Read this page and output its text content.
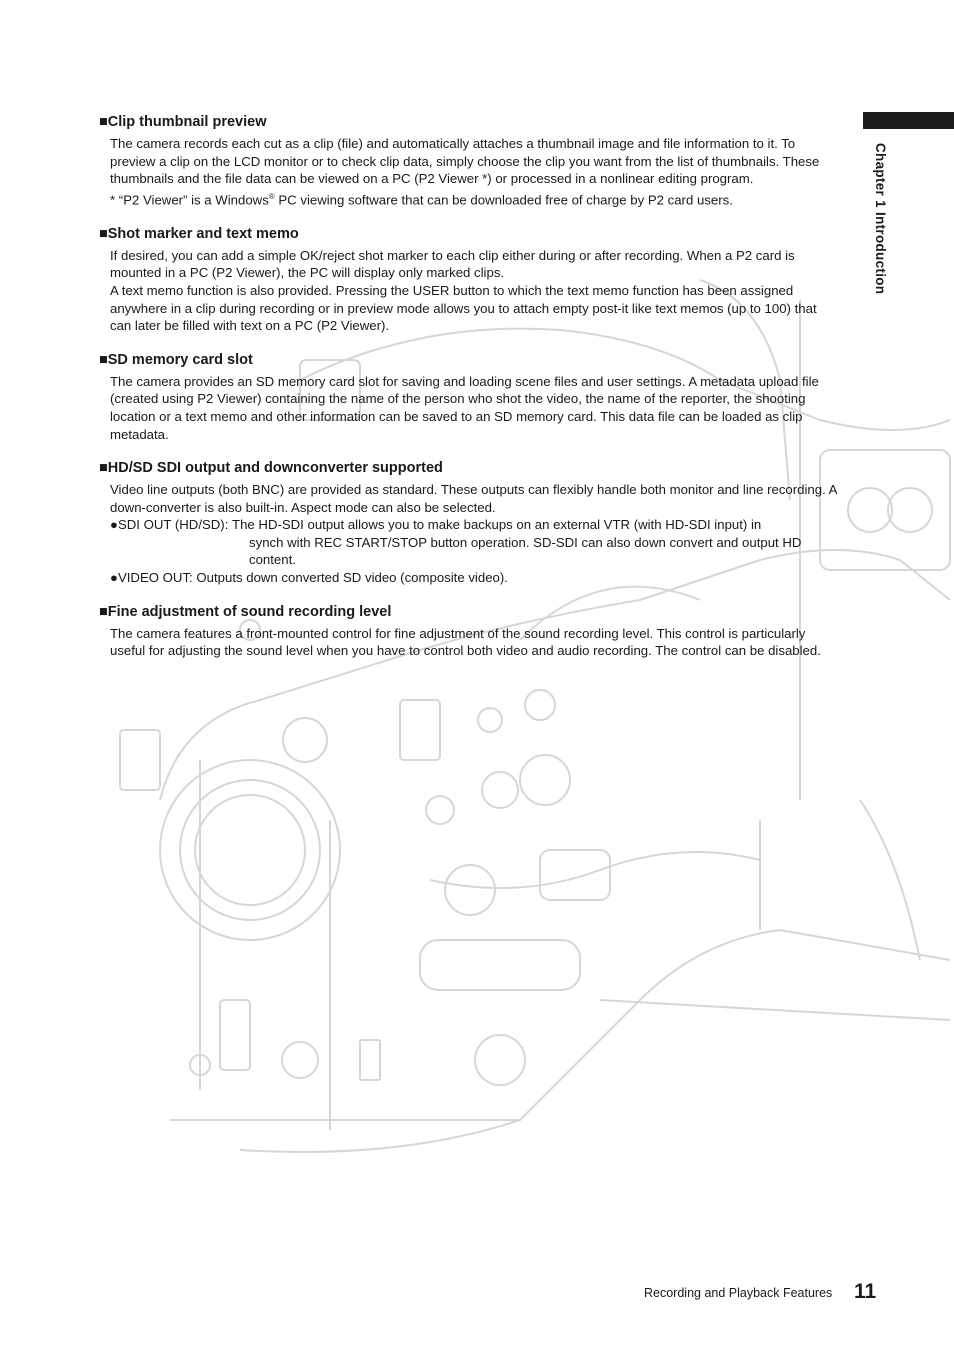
Chapter 1 Introduction
■Clip thumbnail preview

The camera records each cut as a clip (file) and automatically attaches a thumbnail image and file information to it. To preview a clip on the LCD monitor or to check clip data, simply choose the clip you want from the list of thumbnails. These thumbnails and the file data can be viewed on a PC (P2 Viewer *) or processed in a nonlinear editing program.

* “P2 Viewer” is a Windows® PC viewing software that can be downloaded free of charge by P2 card users.

■Shot marker and text memo

If desired, you can add a simple OK/reject shot marker to each clip either during or after recording. When a P2 card is mounted in a PC (P2 Viewer), the PC will display only marked clips.

A text memo function is also provided. Pressing the USER button to which the text memo function has been assigned anywhere in a clip during recording or in preview mode allows you to attach empty post-it like text memos (up to 100) that can later be filled with text on a PC (P2 Viewer).

■SD memory card slot

The camera provides an SD memory card slot for saving and loading scene files and user settings. A metadata upload file (created using P2 Viewer) containing the name of the person who shot the video, the name of the reporter, the shooting location or a text memo and other information can be saved to an SD memory card. This data file can be loaded as clip metadata.

■HD/SD SDI output and downconverter supported

Video line outputs (both BNC) are provided as standard. These outputs can flexibly handle both monitor and line recording. A down-converter is also built-in. Aspect mode can also be selected.

●SDI OUT (HD/SD):
The HD-SDI output allows you to make backups on an external VTR (with HD-SDI input) in

synch with REC START/STOP button operation. SD-SDI can also down convert and output HD content.

●VIDEO OUT:
Outputs down converted SD video (composite video).
■Fine adjustment of sound recording level

The camera features a front-mounted control for fine adjustment of the sound recording level. This control is particularly useful for adjusting the sound level when you have to control both video and audio recording. The control can be disabled.

Recording and Playback Features 11
